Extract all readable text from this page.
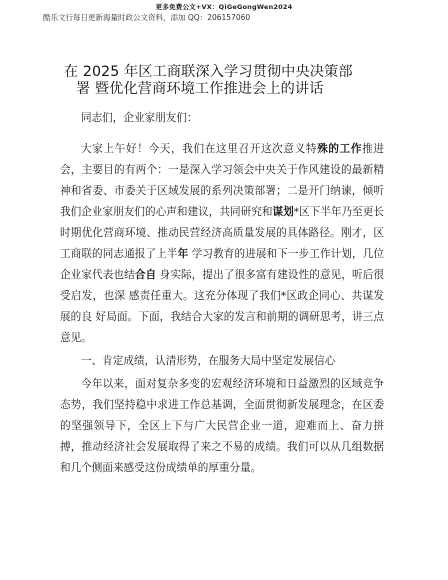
更多免费公文+VX：QiGeGongWen2024
酷乐文行每日更新海量时政公文资料，添加 QQ：206157060
在 2025 年区工商联深入学习贯彻中央决策部
署 暨优化营商环境工作推进会上的讲话

同志们，企业家朋友们：

大家上午好！今天，我们在这里召开这次意义特殊的工作推进会，主要目的有两个：一是深入学习领会中央关于作风建设的最新精神和省委、市委关于区域发展的系列决策部署；二是开门纳谏，倾听我们企业家朋友们的心声和建议，共同研究和谋划*区下半年乃至更长时期优化营商环境、推动民营经济高质量发展的具体路径。刚才，区工商联的同志通报了上半年 学习教育的进展和下一步工作计划，几位企业家代表也结合自 身实际，提出了很多富有建设性的意见，听后很受启发，也深 感责任重大。这充分体现了我们*区政企同心、共谋发展的良 好局面。下面，我结合大家的发言和前期的调研思考，讲三点 意见。

一、肯定成绩，认清形势，在服务大局中坚定发展信心

今年以来，面对复杂多变的宏观经济环境和日益激烈的区域竞争态势，我们坚持稳中求进工作总基调，全面贯彻新发展理念，在区委的坚强领导下，全区上下与广大民营企业一道，迎难而上、奋力拼搏，推动经济社会发展取得了来之不易的成绩。我们可以从几组数据和几个侧面来感受这份成绩单的厚重分量。
